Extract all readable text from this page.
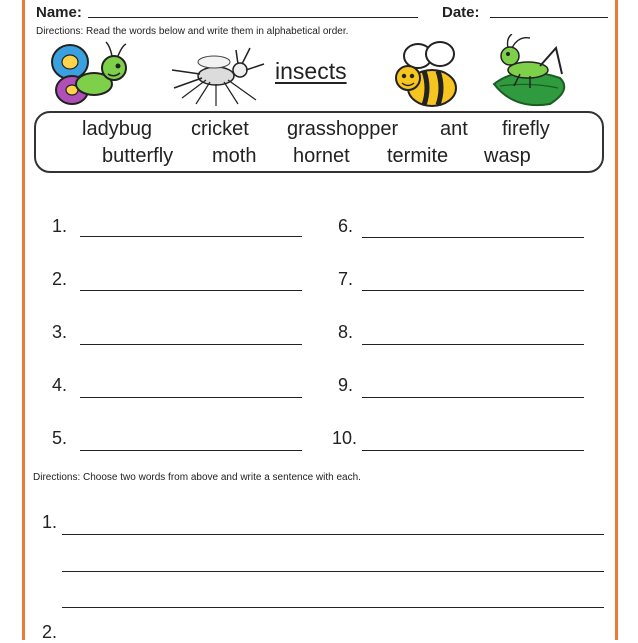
Name:	Date:
Directions: Read the words below and write them in alphabetical order.
insects
ladybug cricket grasshopper ant firefly
butterfly moth hornet termite wasp
1.
2.
3.
4.
5.
6.
7.
8.
9.
10.
Directions: Choose two words from above and write a sentence with each.
1.
2.
